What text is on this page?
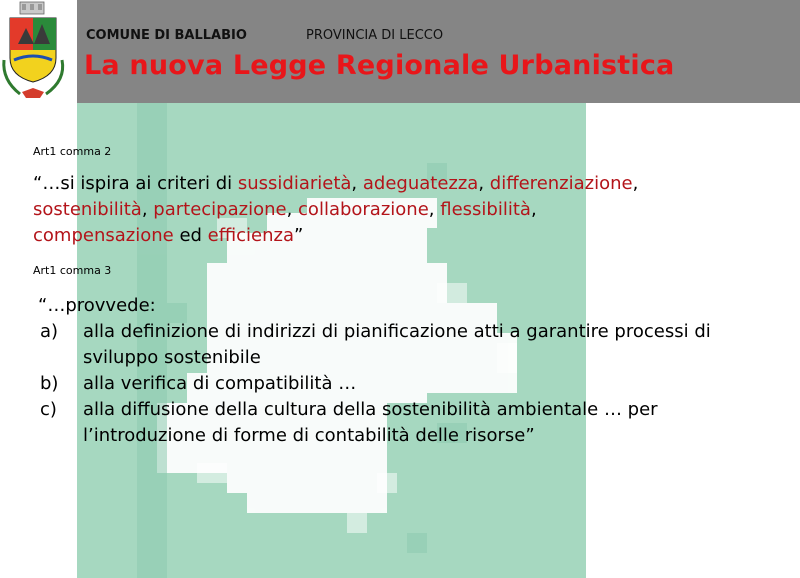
COMUNE DI BALLABIO	PROVINCIA DI LECCO
La nuova Legge Regionale Urbanistica
Art1 comma 2
“…si ispira ai criteri di sussidiarietà, adeguatezza, differenziazione,
sostenibilità, partecipazione, collaborazione, flessibilità,
compensazione ed efficienza”
Art1 comma 3
“…provvede:
a) alla definizione di indirizzi di pianificazione atti a garantire processi di sviluppo sostenibile
b) alla verifica di compatibilità …
c) alla diffusione della cultura della sostenibilità ambientale … per l’introduzione di forme di contabilità delle risorse”
